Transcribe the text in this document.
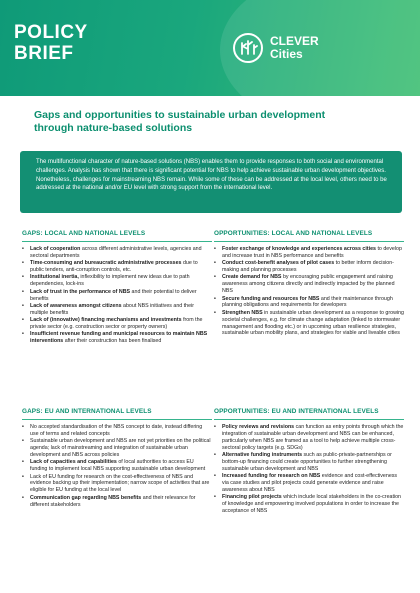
POLICY
BRIEF
CLEVER
Cities
Gaps and opportunities to sustainable urban development through nature-based solutions
The multifunctional character of nature-based solutions (NBS) enables them to provide responses to both social and environmental challenges. Analysis has shown that there is significant potential for NBS to help achieve sustainable urban development objectives. Nonetheless, challenges for mainstreaming NBS remain. While some of these can be addressed at the local level, others need to be addressed at the national and/or EU level with strong support from the international level.
GAPS: LOCAL AND NATIONAL LEVELS
• Lack of cooperation across different administrative levels, agencies and sectoral departments
• Time-consuming and bureaucratic administrative processes due to public tenders, anti-corruption controls, etc.
• Institutional inertia, inflexibility to implement new ideas due to path dependencies, lock-ins
• Lack of trust in the performance of NBS and their potential to deliver benefits
• Lack of awareness amongst citizens about NBS initiatives and their multiple benefits
• Lack of (innovative) financing mechanisms and investments from the private sector (e.g. construction sector or property owners)
• Insufficient revenue funding and municipal resources to maintain NBS interventions after their construction has been finalised
OPPORTUNITIES: LOCAL AND NATIONAL LEVELS
• Foster exchange of knowledge and experiences across cities to develop and increase trust in NBS performance and benefits
• Conduct cost-benefit analyses of pilot cases to better inform decision-making and planning processes
• Create demand for NBS by encouraging public engagement and raising awareness among citizens directly and indirectly impacted by the planned NBS
• Secure funding and resources for NBS and their maintenance through planning obligations and requirements for developers
• Strengthen NBS in sustainable urban development as a response to growing societal challenges, e.g. for climate change adaptation (linked to stormwater management and flooding etc.) or in upcoming urban resilience strategies, sustainable urban mobility plans, and strategies for viable and liveable cities
GAPS: EU AND INTERNATIONAL LEVELS
• No accepted standardisation of the NBS concept to date, instead differing use of terms and related concepts
• Sustainable urban development and NBS are not yet priorities on the political agenda; lack of mainstreaming and integration of sustainable urban development and NBS across policies
• Lack of capacities and capabilities of local authorities to access EU funding to implement local NBS supporting sustainable urban development
• Lack of EU funding for research on the cost-effectiveness of NBS and evidence backing up their implementation; narrow scope of activities that are eligible for EU funding at the local level
• Communication gap regarding NBS benefits and their relevance for different stakeholders
OPPORTUNITIES: EU AND INTERNATIONAL LEVELS
• Policy reviews and revisions can function as entry points through which the integration of sustainable urban development and NBS can be enhanced, particularly when NBS are framed as a tool to help achieve multiple cross-sectoral policy targets (e.g. SDGs)
• Alternative funding instruments such as public-private-partnerships or bottom-up financing could create opportunities to further strengthening sustainable urban development and NBS
• Increased funding for research on NBS evidence and cost-effectiveness via case studies and pilot projects could generate evidence and raise awareness about NBS
• Financing pilot projects which include local stakeholders in the co-creation of knowledge and empowering involved populations in order to increase the acceptance of NBS
